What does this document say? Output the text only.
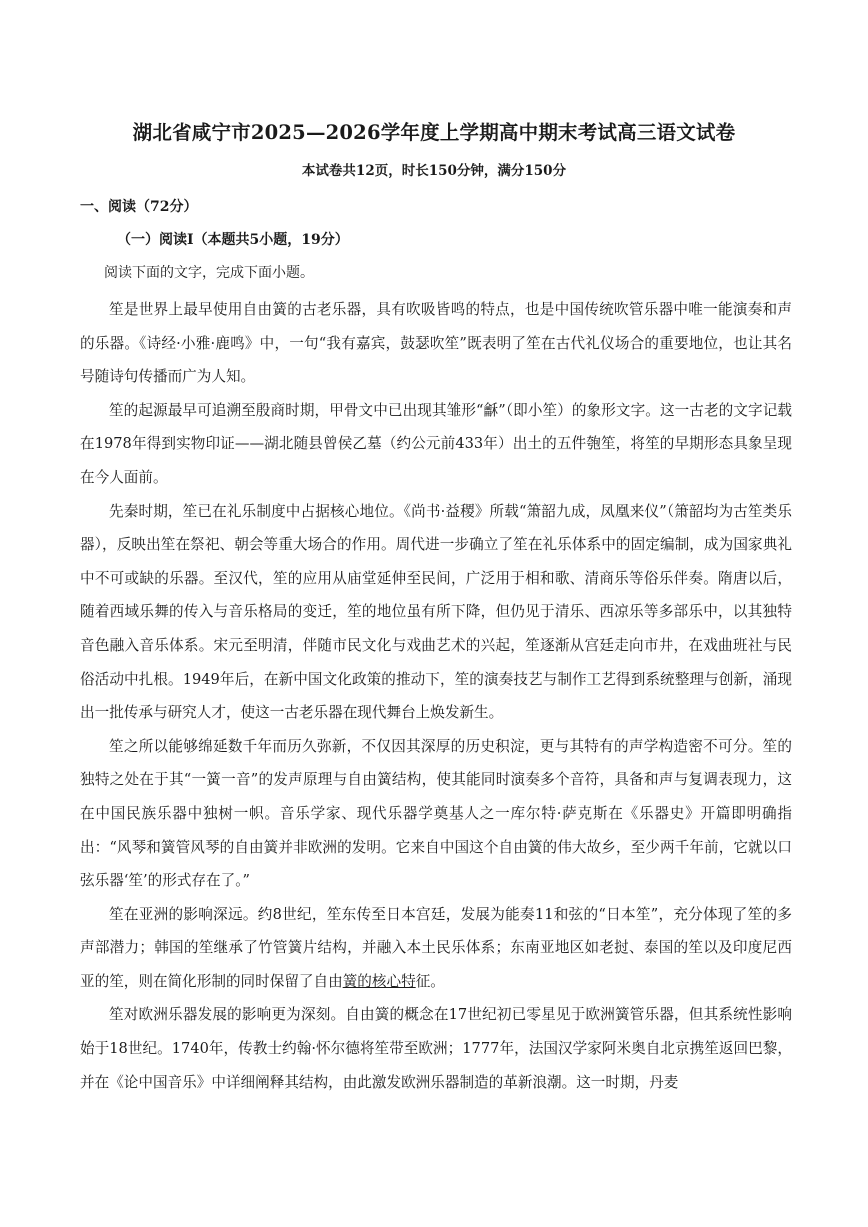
湖北省咸宁市2025—2026学年度上学期高中期末考试高三语文试卷
本试卷共12页，时长150分钟，满分150分
一、阅读（72分）
（一）阅读Ⅰ（本题共5小题，19分）
阅读下面的文字，完成下面小题。

笙是世界上最早使用自由簧的古老乐器，具有吹吸皆鸣的特点，也是中国传统吹管乐器中唯一能演奏和声的乐器。《诗经·小雅·鹿鸣》中，一句“我有嘉宾，鼓瑟吹笙”既表明了笙在古代礼仪场合的重要地位，也让其名号随诗句传播而广为人知。

笙的起源最早可追溯至殷商时期，甲骨文中已出现其雏形“龢”（即小笙）的象形文字。这一古老的文字记载在1978年得到实物印证——湖北随县曾侯乙墓（约公元前433年）出土的五件匏笙，将笙的早期形态具象呈现在今人面前。

先秦时期，笙已在礼乐制度中占据核心地位。《尚书·益稷》所载“箫韶九成，凤凰来仪”（箫韶均为古笙类乐器），反映出笙在祭祀、朝会等重大场合的作用。周代进一步确立了笙在礼乐体系中的固定编制，成为国家典礼中不可或缺的乐器。至汉代，笙的应用从庙堂延伸至民间，广泛用于相和歌、清商乐等俗乐伴奏。隋唐以后，随着西域乐舞的传入与音乐格局的变迁，笙的地位虽有所下降，但仍见于清乐、西凉乐等多部乐中，以其独特音色融入音乐体系。宋元至明清，伴随市民文化与戏曲艺术的兴起，笙逐渐从宫廷走向市井，在戏曲班社与民俗活动中扎根。1949年后，在新中国文化政策的推动下，笙的演奏技艺与制作工艺得到系统整理与创新，涌现出一批传承与研究人才，使这一古老乐器在现代舞台上焕发新生。

笙之所以能够绵延数千年而历久弥新，不仅因其深厚的历史积淀，更与其特有的声学构造密不可分。笙的独特之处在于其“一簧一音”的发声原理与自由簧结构，使其能同时演奏多个音符，具备和声与复调表现力，这在中国民族乐器中独树一帜。音乐学家、现代乐器学奠基人之一库尔特·萨克斯在《乐器史》开篇即明确指出：“风琴和簧管风琴的自由簧并非欧洲的发明。它来自中国这个自由簧的伟大故乡，至少两千年前，它就以口弦乐器‘笙’的形式存在了。”

笙在亚洲的影响深远。约8世纪，笙东传至日本宫廷，发展为能奏11和弦的“日本笙”，充分体现了笙的多声部潜力；韩国的笙继承了竹管簧片结构，并融入本土民乐体系；东南亚地区如老挝、泰国的笙以及印度尼西亚的笙，则在简化形制的同时保留了自由簧的核心特征。

笙对欧洲乐器发展的影响更为深刻。自由簧的概念在17世纪初已零星见于欧洲簧管乐器，但其系统性影响始于18世纪。1740年，传教士约翰·怀尔德将笙带至欧洲；1777年，法国汉学家阿米奥自北京携笙返回巴黎，并在《论中国音乐》中详细阐释其结构，由此激发欧洲乐器制造的革新浪潮。这一时期，丹麦
